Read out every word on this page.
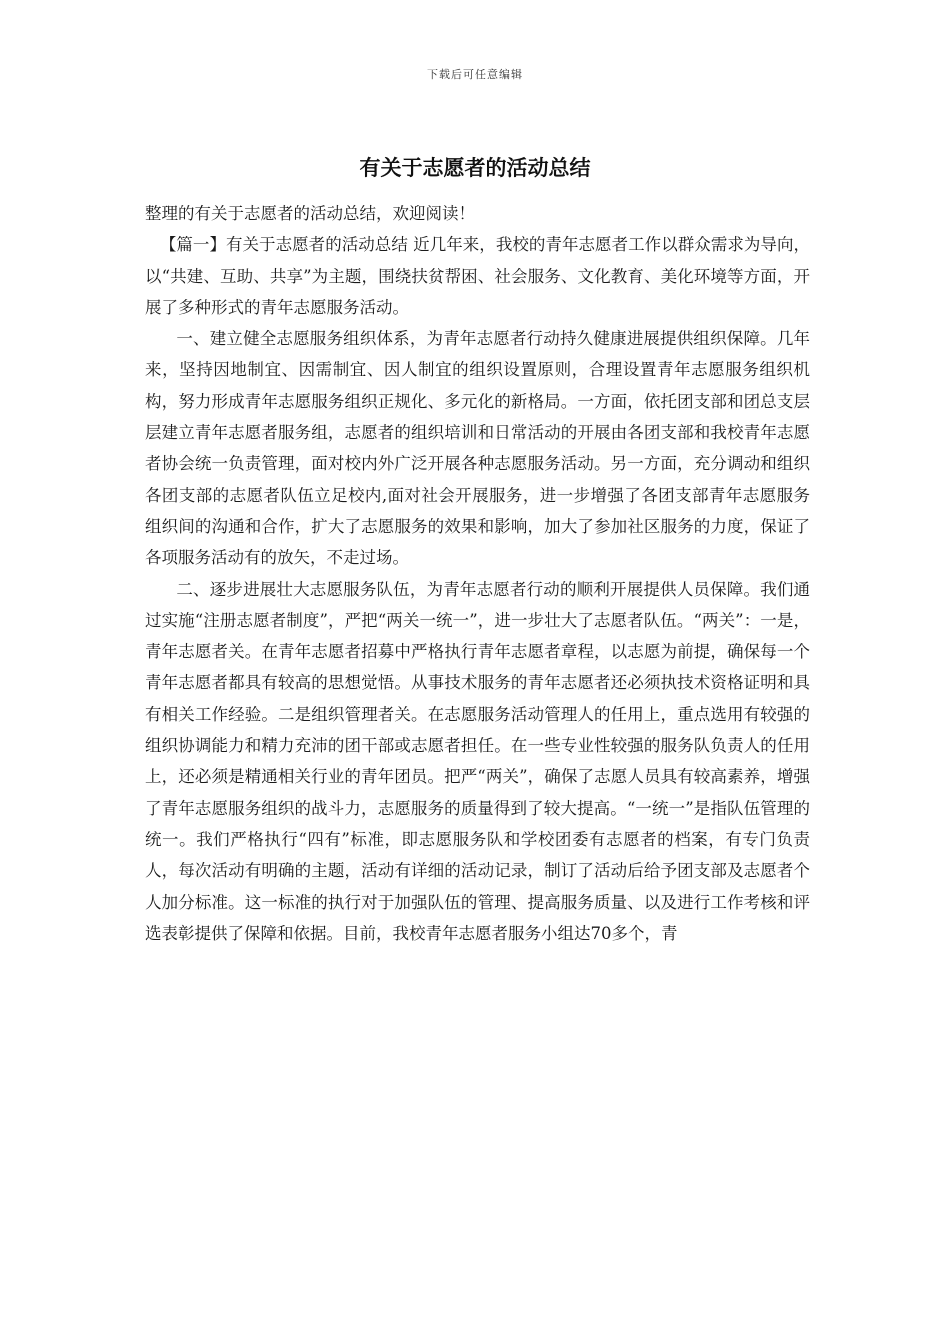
下载后可任意编辑
有关于志愿者的活动总结

整理的有关于志愿者的活动总结，欢迎阅读！

【篇一】有关于志愿者的活动总结 近几年来，我校的青年志愿者工作以群众需求为导向，以“共建、互助、共享”为主题，围绕扶贫帮困、社会服务、文化教育、美化环境等方面，开展了多种形式的青年志愿服务活动。

一、建立健全志愿服务组织体系，为青年志愿者行动持久健康进展提供组织保障。几年来，坚持因地制宜、因需制宜、因人制宜的组织设置原则，合理设置青年志愿服务组织机构，努力形成青年志愿服务组织正规化、多元化的新格局。一方面，依托团支部和团总支层层建立青年志愿者服务组，志愿者的组织培训和日常活动的开展由各团支部和我校青年志愿者协会统一负责管理，面对校内外广泛开展各种志愿服务活动。另一方面，充分调动和组织各团支部的志愿者队伍立足校内,面对社会开展服务，进一步增强了各团支部青年志愿服务组织间的沟通和合作，扩大了志愿服务的效果和影响，加大了参加社区服务的力度，保证了各项服务活动有的放矢，不走过场。

二、逐步进展壮大志愿服务队伍，为青年志愿者行动的顺利开展提供人员保障。我们通过实施“注册志愿者制度”，严把“两关一统一”，进一步壮大了志愿者队伍。“两关”：一是，青年志愿者关。在青年志愿者招募中严格执行青年志愿者章程，以志愿为前提，确保每一个青年志愿者都具有较高的思想觉悟。从事技术服务的青年志愿者还必须执技术资格证明和具有相关工作经验。二是组织管理者关。在志愿服务活动管理人的任用上，重点选用有较强的组织协调能力和精力充沛的团干部或志愿者担任。在一些专业性较强的服务队负责人的任用上，还必须是精通相关行业的青年团员。把严“两关”，确保了志愿人员具有较高素养，增强了青年志愿服务组织的战斗力，志愿服务的质量得到了较大提高。“一统一”是指队伍管理的统一。我们严格执行“四有”标准，即志愿服务队和学校团委有志愿者的档案，有专门负责人，每次活动有明确的主题，活动有详细的活动记录，制订了活动后给予团支部及志愿者个人加分标准。这一标准的执行对于加强队伍的管理、提高服务质量、以及进行工作考核和评选表彰提供了保障和依据。目前，我校青年志愿者服务小组达70多个，青
